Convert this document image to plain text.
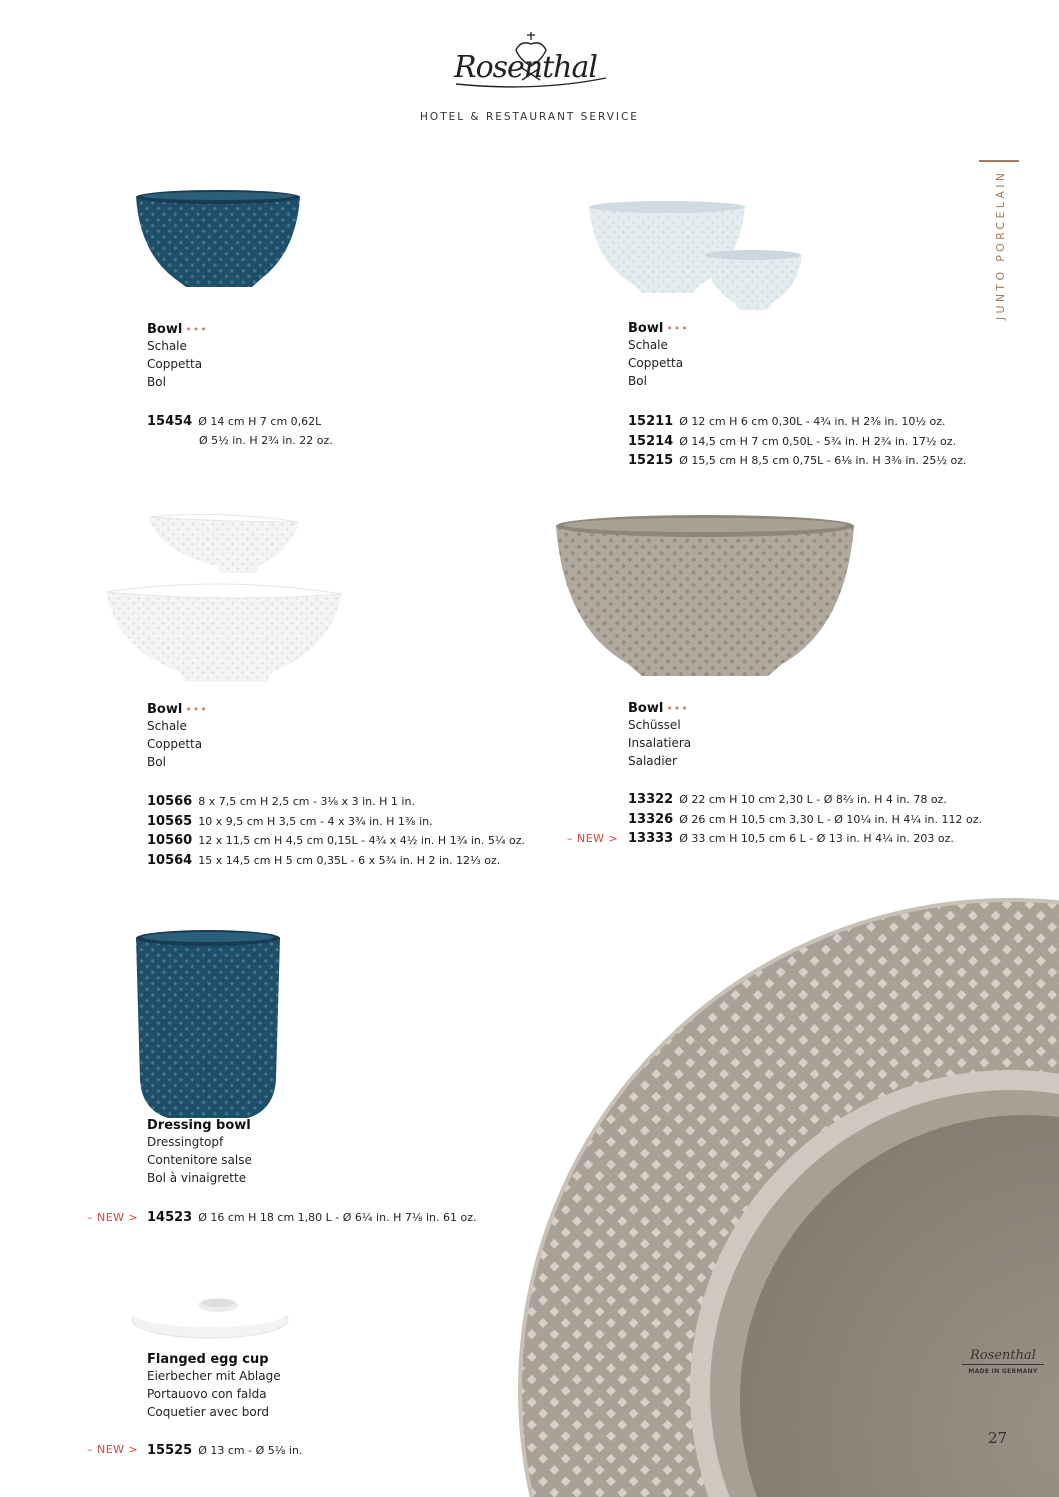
Rosenthal
HOTEL & RESTAURANT SERVICE
JUNTO PORCELAIN
Bowl •••
Schale
Coppetta
Bol
15454 Ø 14 cm H 7 cm 0,62L
Ø 5½ in. H 2¾ in. 22 oz.
Bowl •••
Schale
Coppetta
Bol
15211 Ø 12 cm H 6 cm 0,30L - 4¾ in. H 2⅜ in. 10½ oz.
15214 Ø 14,5 cm H 7 cm 0,50L - 5¾ in. H 2¾ in. 17½ oz.
15215 Ø 15,5 cm H 8,5 cm 0,75L - 6⅛ in. H 3⅜ in. 25½ oz.
Bowl •••
Schale
Coppetta
Bol
10566 8 x 7,5 cm H 2,5 cm - 3⅛ x 3 in. H 1 in.
10565 10 x 9,5 cm H 3,5 cm - 4 x 3¾ in. H 1⅜ in.
10560 12 x 11,5 cm H 4,5 cm 0,15L - 4¾ x 4½ in. H 1¾ in. 5¼ oz.
10564 15 x 14,5 cm H 5 cm 0,35L - 6 x 5¾ in. H 2 in. 12⅓ oz.
Bowl •••
Schüssel
Insalatiera
Saladier
13322 Ø 22 cm H 10 cm 2,30 L - Ø 8⅔ in. H 4 in. 78 oz.
13326 Ø 26 cm H 10,5 cm 3,30 L - Ø 10¼ in. H 4¼ in. 112 oz.
13333 Ø 33 cm H 10,5 cm 6 L - Ø 13 in. H 4¼ in. 203 oz.
– NEW >
Dressing bowl
Dressingtopf
Contenitore salse
Bol à vinaigrette
– NEW > 14523 Ø 16 cm H 18 cm 1,80 L - Ø 6¼ in. H 7⅛ in. 61 oz.
Flanged egg cup
Eierbecher mit Ablage
Portauovo con falda
Coquetier avec bord
– NEW > 15525 Ø 13 cm - Ø 5⅛ in.
Rosenthal
MADE IN GERMANY
27
